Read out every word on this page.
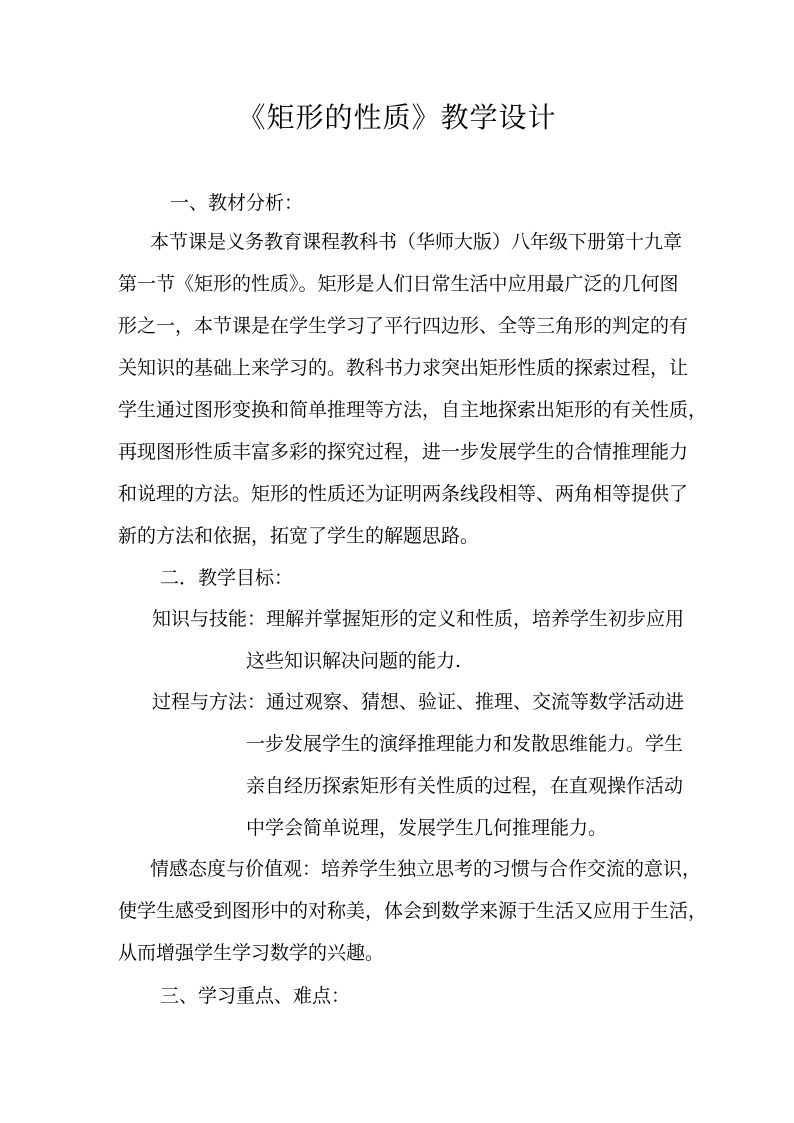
《矩形的性质》教学设计
一、教材分析：
本节课是义务教育课程教科书（华师大版）八年级下册第十九章
第一节《矩形的性质》。矩形是人们日常生活中应用最广泛的几何图
形之一，本节课是在学生学习了平行四边形、全等三角形的判定的有
关知识的基础上来学习的。教科书力求突出矩形性质的探索过程，让
学生通过图形变换和简单推理等方法，自主地探索出矩形的有关性质，
再现图形性质丰富多彩的探究过程，进一步发展学生的合情推理能力
和说理的方法。矩形的性质还为证明两条线段相等、两角相等提供了
新的方法和依据，拓宽了学生的解题思路。
二．教学目标：
知识与技能： 理解并掌握矩形的定义和性质，培养学生初步应用
这些知识解决问题的能力.
过程与方法： 通过观察、猜想、验证、推理、交流等数学活动进
一步发展学生的演绎推理能力和发散思维能力。学生
亲自经历探索矩形有关性质的过程，在直观操作活动
中学会简单说理，发展学生几何推理能力。
情感态度与价值观：培养学生独立思考的习惯与合作交流的意识，
使学生感受到图形中的对称美，体会到数学来源于生活又应用于生活，
从而增强学生学习数学的兴趣。
三、学习重点、难点：
